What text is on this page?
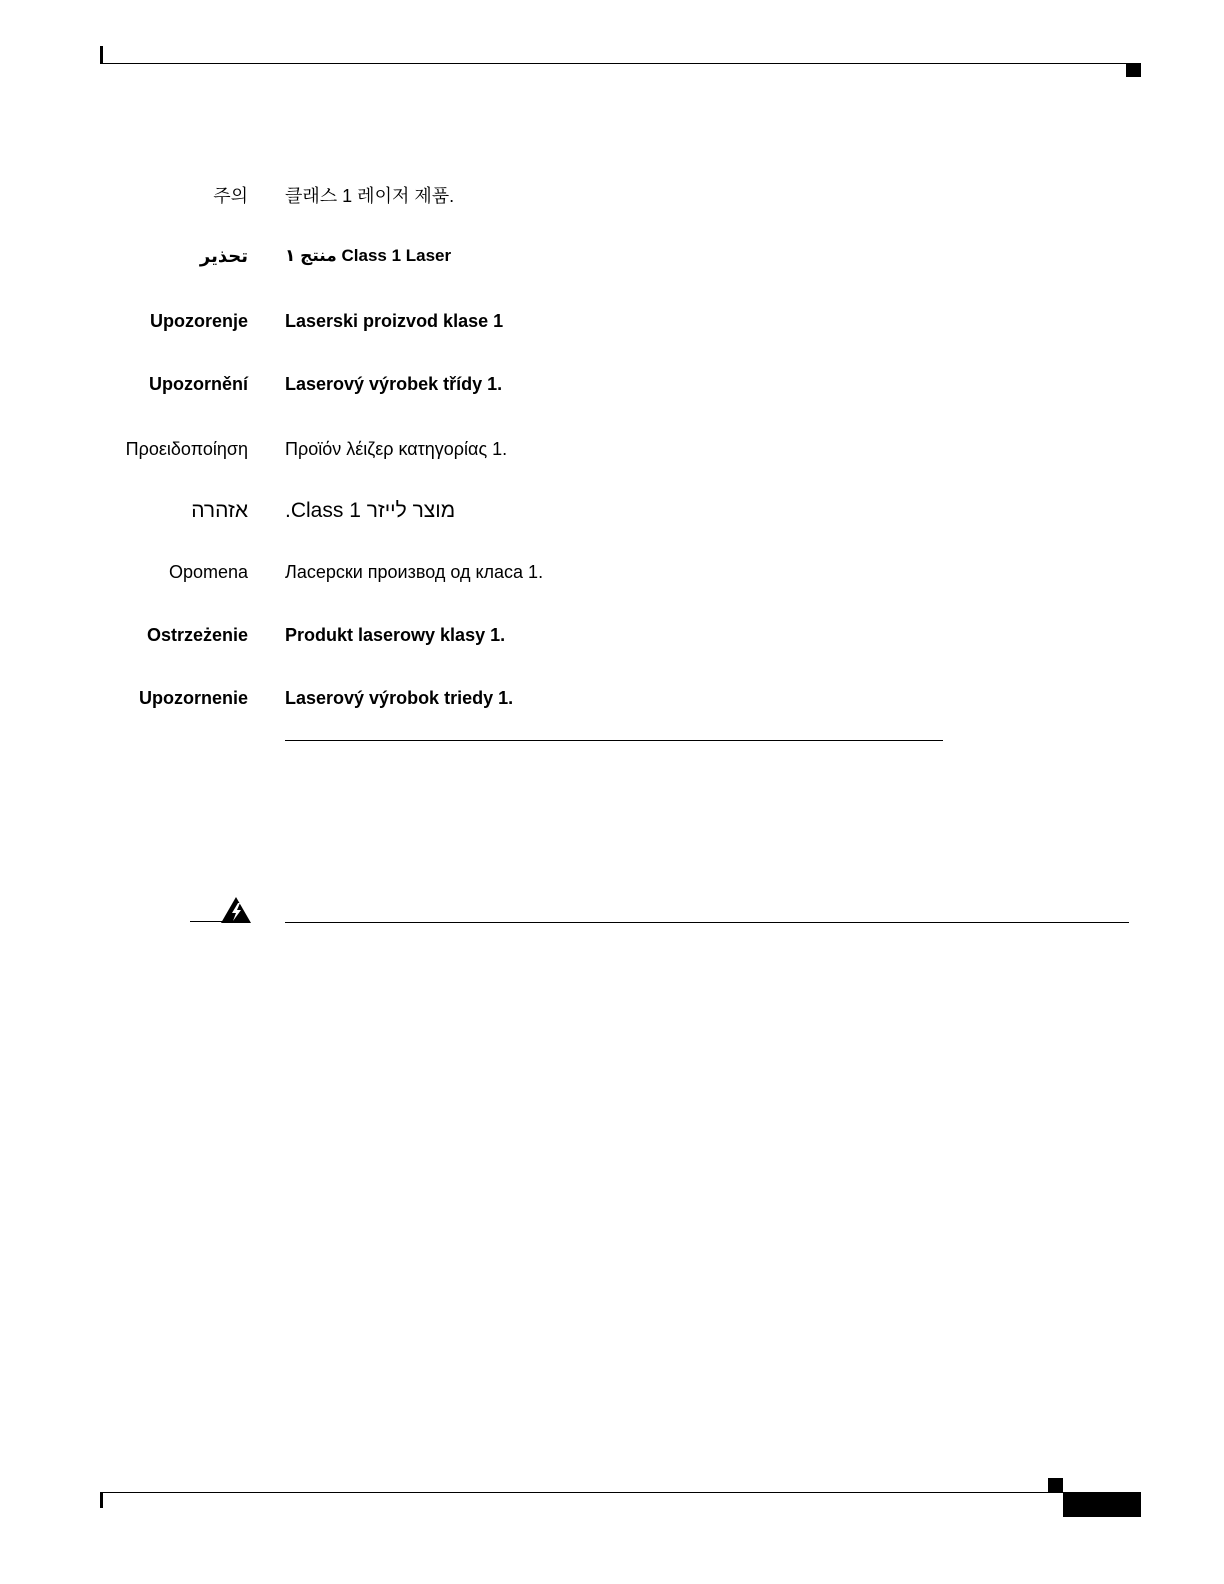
주의 클래스 1 레이저 제품.
تحذير Class 1 Laser منتج ١
Upozorenje Laserski proizvod klase 1
Upozornění Laserový výrobek třídy 1.
Προειδοποίηση Προϊόν λέιζερ κατηγορίας 1.
אזהרה מוצר לייזר Class 1.
Opomena Ласерски производ од класа 1.
Ostrzeżenie Produkt laserowy klasy 1.
Upozornenie Laserový výrobok triedy 1.
